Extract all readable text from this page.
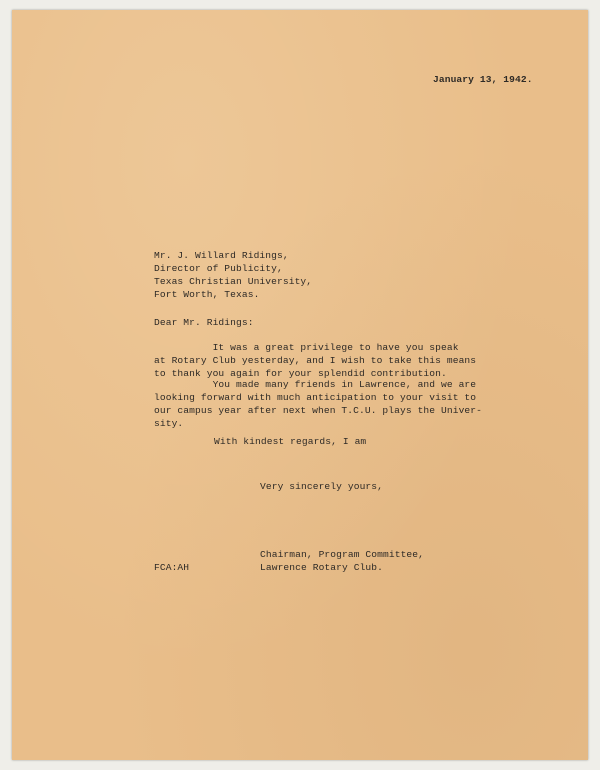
January 13, 1942.

Mr. J. Willard Ridings,
Director of Publicity,
Texas Christian University,
Fort Worth, Texas.

Dear Mr. Ridings:

It was a great privilege to have you speak
at Rotary Club yesterday, and I wish to take this means
to thank you again for your splendid contribution.
You made many friends in Lawrence, and we are
looking forward with much anticipation to your visit to
our campus year after next when T.C.U. plays the Univer-
sity.

With kindest regards, I am

Very sincerely yours,

Chairman, Program Committee,
Lawrence Rotary Club.

FCA:AH
